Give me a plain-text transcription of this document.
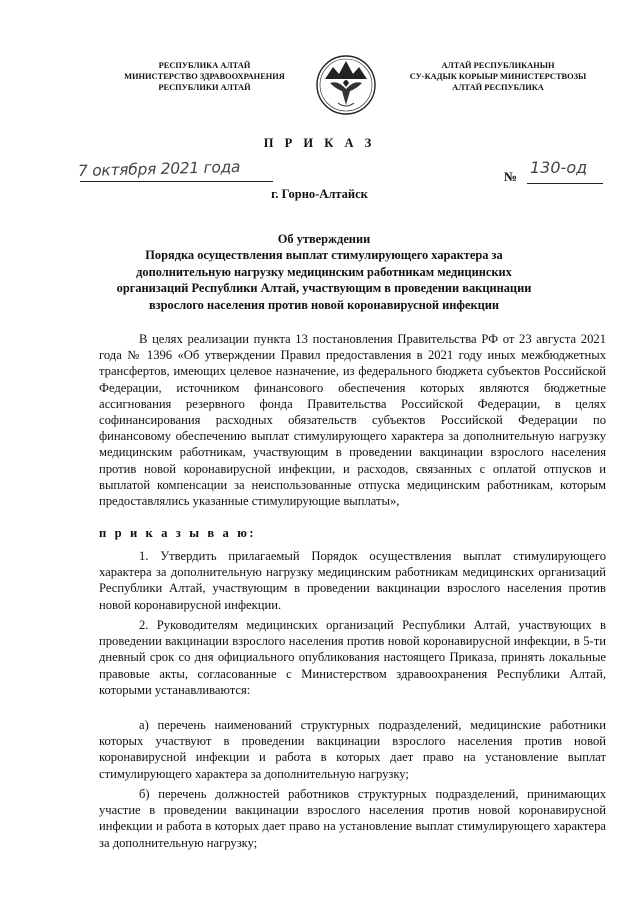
РЕСПУБЛИКА АЛТАЙ
МИНИСТЕРСТВО ЗДРАВООХРАНЕНИЯ
РЕСПУБЛИКИ АЛТАЙ
АЛТАЙ РЕСПУБЛИКАНЫН
СУ-КАДЫК КОРЫЫР МИНИСТЕРСТВОЗЫ
АЛТАЙ РЕСПУБЛИКА
П Р И К А З
7 октября 2021 года	№ 130-од
г. Горно-Алтайск
Об утверждении
Порядка осуществления выплат стимулирующего характера за
дополнительную нагрузку медицинским работникам медицинских
организаций Республики Алтай, участвующим в проведении вакцинации
взрослого населения против новой коронавирусной инфекции

В целях реализации пункта 13 постановления Правительства РФ от 23 августа 2021 года № 1396 «Об утверждении Правил предоставления в 2021 году иных межбюджетных трансфертов, имеющих целевое назначение, из федерального бюджета субъектов Российской Федерации, источником финансового обеспечения которых являются бюджетные ассигнования резервного фонда Правительства Российской Федерации, в целях софинансирования расходных обязательств субъектов Российской Федерации по финансовому обеспечению выплат стимулирующего характера за дополнительную нагрузку медицинским работникам, участвующим в проведении вакцинации взрослого населения против новой коронавирусной инфекции, и расходов, связанных с оплатой отпусков и выплатой компенсации за неиспользованные отпуска медицинским работникам, которым предоставлялись указанные стимулирующие выплаты»,

п р и к а з ы в а ю:

1. Утвердить прилагаемый Порядок осуществления выплат стимулирующего характера за дополнительную нагрузку медицинским работникам медицинских организаций Республики Алтай, участвующим в проведении вакцинации взрослого населения против новой коронавирусной инфекции.

2. Руководителям медицинских организаций Республики Алтай, участвующих в проведении вакцинации взрослого населения против новой коронавирусной инфекции, в 5-ти дневный срок со дня официального опубликования настоящего Приказа, принять локальные правовые акты, согласованные с Министерством здравоохранения Республики Алтай, которыми устанавливаются:

а) перечень наименований структурных подразделений, медицинские работники которых участвуют в проведении вакцинации взрослого населения против новой коронавирусной инфекции и работа в которых дает право на установление выплат стимулирующего характера за дополнительную нагрузку;

б) перечень должностей работников структурных подразделений, принимающих участие в проведении вакцинации взрослого населения против новой коронавирусной инфекции и работа в которых дает право на установление выплат стимулирующего характера за дополнительную нагрузку;
